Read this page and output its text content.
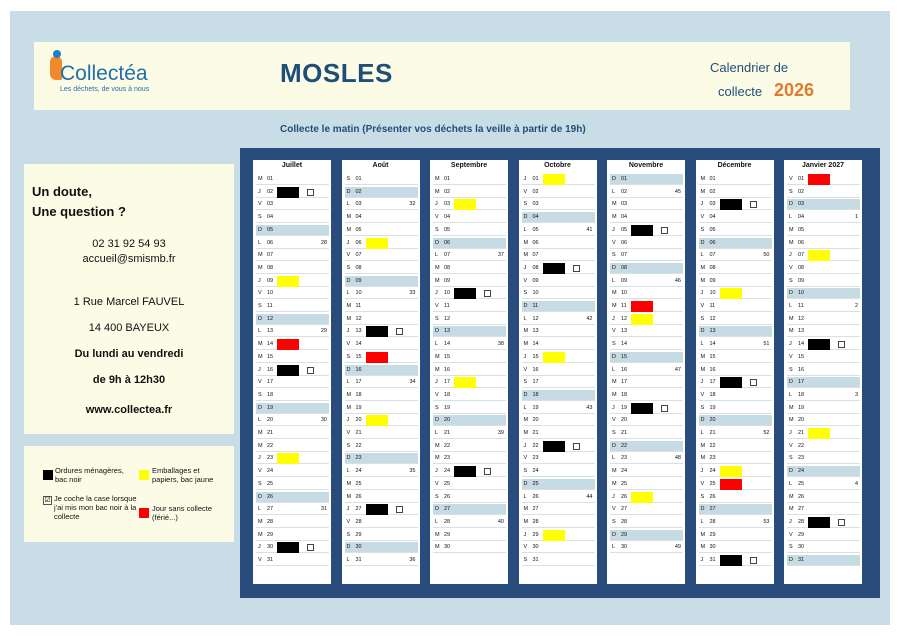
Collectéa
Les déchets, de vous à nous
MOSLES	Calendrier de
collecte 2026
Collecte le matin (Présenter vos déchets la veille à partir de 19h)
Un doute,
Une question ?
02 31 92 54 93
accueil@smismb.fr
1 Rue Marcel FAUVEL
14 400 BAYEUX
Du lundi au vendredi
de 9h à 12h30
www.collectea.fr
Ordures ménagères,
bac noir
Emballages et
papiers, bac jaune
☑ Je coche la case lorsque
j'ai mis mon bac noir à la
collecte
Jour sans collecte
(férié...)
Juillet
M 01
J 02
V 03
S 04
D 05
L 06	28
M 07
M 08
J 09
V 10
S 11
D 12
L 13	29
M 14
M 15
J 16
V 17
S 18
D 19
L 20	30
M 21
M 22
J 23
V 24
S 25
D 26
L 27	31
M 28
M 29
J 30
V 31
Août
S 01
D 02
L 03	32
M 04
M 05
J 06
V 07
S 08
D 09
L 10	33
M 11
M 12
J 13
V 14
S 15
D 16
L 17	34
M 18
M 19
J 20
V 21
S 22
D 23
L 24	35
M 25
M 26
J 27
V 28
S 29
D 30
L 31	36
Septembre
M 01
M 02
J 03
V 04
S 05
D 06
L 07	37
M 08
M 09
J 10
V 11
S 12
D 13
L 14	38
M 15
M 16
J 17
V 18
S 19
D 20
L 21	39
M 22
M 23
J 24
V 25
S 26
D 27
L 28	40
M 29
M 30
Octobre
J 01
V 02
S 03
D 04
L 05	41
M 06
M 07
J 08
V 09
S 10
D 11
L 12	42
M 13
M 14
J 15
V 16
S 17
D 18
L 19	43
M 20
M 21
J 22
V 23
S 24
D 25
L 26	44
M 27
M 28
J 29
V 30
S 31
Novembre
D 01
L 02	45
M 03
M 04
J 05
V 06
S 07
D 08
L 09	46
M 10
M 11
J 12
V 13
S 14
D 15
L 16	47
M 17
M 18
J 19
V 20
S 21
D 22
L 23	48
M 24
M 25
J 26
V 27
S 28
D 29
L 30	49
Décembre
M 01
M 02
J 03
V 04
S 05
D 06
L 07	50
M 08
M 09
J 10
V 11
S 12
D 13
L 14	51
M 15
M 16
J 17
V 18
S 19
D 20
L 21	52
M 22
M 23
J 24
V 25
S 26
D 27
L 28	53
M 29
M 30
J 31
Janvier 2027
V 01
S 02
D 03
L 04	1
M 05
M 06
J 07
V 08
S 09
D 10
L 11	2
M 12
M 13
J 14
V 15
S 16
D 17
L 18	3
M 19
M 20
J 21
V 22
S 23
D 24
L 25	4
M 26
M 27
J 28
V 29
S 30
D 31
